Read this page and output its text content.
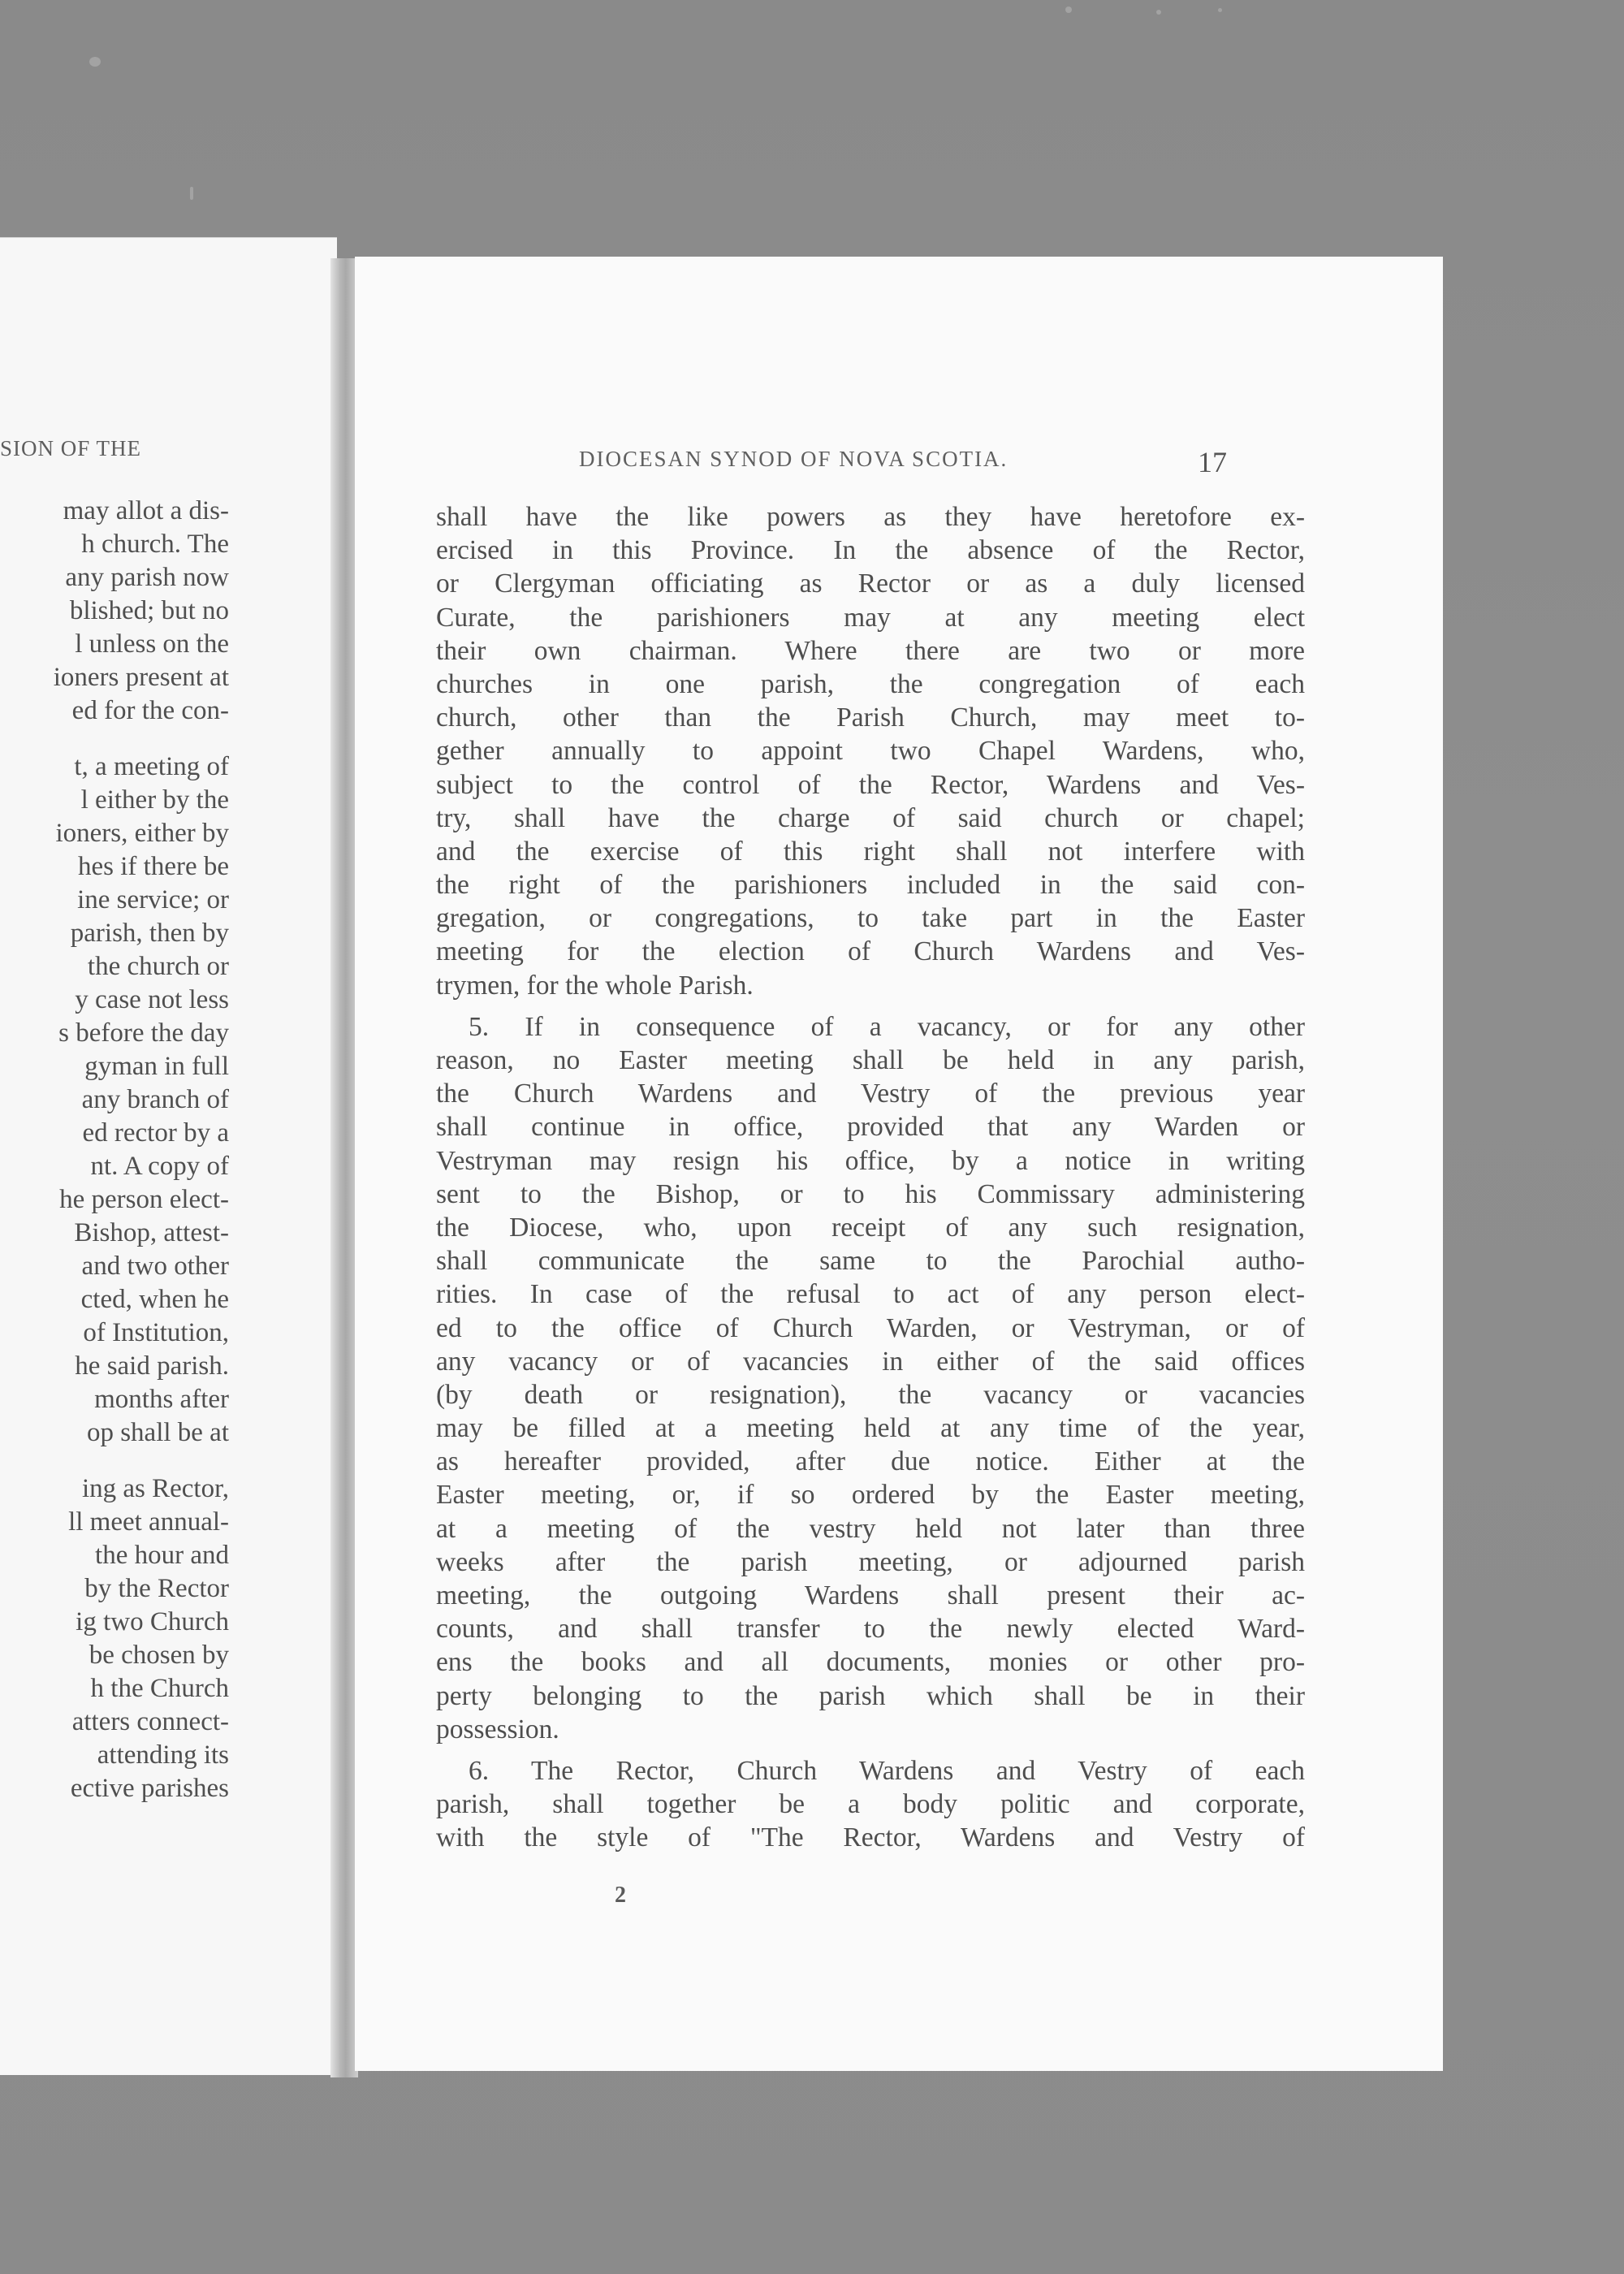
SION OF THE
may allot a dis-
h church. The
any parish now
blished; but no
l unless on the
ioners present at
ed for the con-
t, a meeting of
l either by the
ioners, either by
hes if there be
ine service; or
parish, then by
the church or
y case not less
s before the day
gyman in full
any branch of
ed rector by a
nt. A copy of
he person elect-
Bishop, attest-
and two other
cted, when he
of Institution,
he said parish.
months after
op shall be at
ing as Rector,
ll meet annual-
the hour and
by the Rector
ig two Church
be chosen by
h the Church
atters connect-
attending its
ective parishes
DIOCESAN SYNOD OF NOVA SCOTIA.	17
shall have the like powers as they have heretofore ex-
ercised in this Province. In the absence of the Rector,
or Clergyman officiating as Rector or as a duly licensed
Curate, the parishioners may at any meeting elect
their own chairman. Where there are two or more
churches in one parish, the congregation of each
church, other than the Parish Church, may meet to-
gether annually to appoint two Chapel Wardens, who,
subject to the control of the Rector, Wardens and Ves-
try, shall have the charge of said church or chapel;
and the exercise of this right shall not interfere with
the right of the parishioners included in the said con-
gregation, or congregations, to take part in the Easter
meeting for the election of Church Wardens and Ves-
trymen, for the whole Parish.
5. If in consequence of a vacancy, or for any other
reason, no Easter meeting shall be held in any parish,
the Church Wardens and Vestry of the previous year
shall continue in office, provided that any Warden or
Vestryman may resign his office, by a notice in writing
sent to the Bishop, or to his Commissary administering
the Diocese, who, upon receipt of any such resignation,
shall communicate the same to the Parochial autho-
rities. In case of the refusal to act of any person elect-
ed to the office of Church Warden, or Vestryman, or of
any vacancy or of vacancies in either of the said offices
(by death or resignation), the vacancy or vacancies
may be filled at a meeting held at any time of the year,
as hereafter provided, after due notice. Either at the
Easter meeting, or, if so ordered by the Easter meeting,
at a meeting of the vestry held not later than three
weeks after the parish meeting, or adjourned parish
meeting, the outgoing Wardens shall present their ac-
counts, and shall transfer to the newly elected Ward-
ens the books and all documents, monies or other pro-
perty belonging to the parish which shall be in their
possession.
6. The Rector, Church Wardens and Vestry of each
parish, shall together be a body politic and corporate,
with the style of "The Rector, Wardens and Vestry of
2
